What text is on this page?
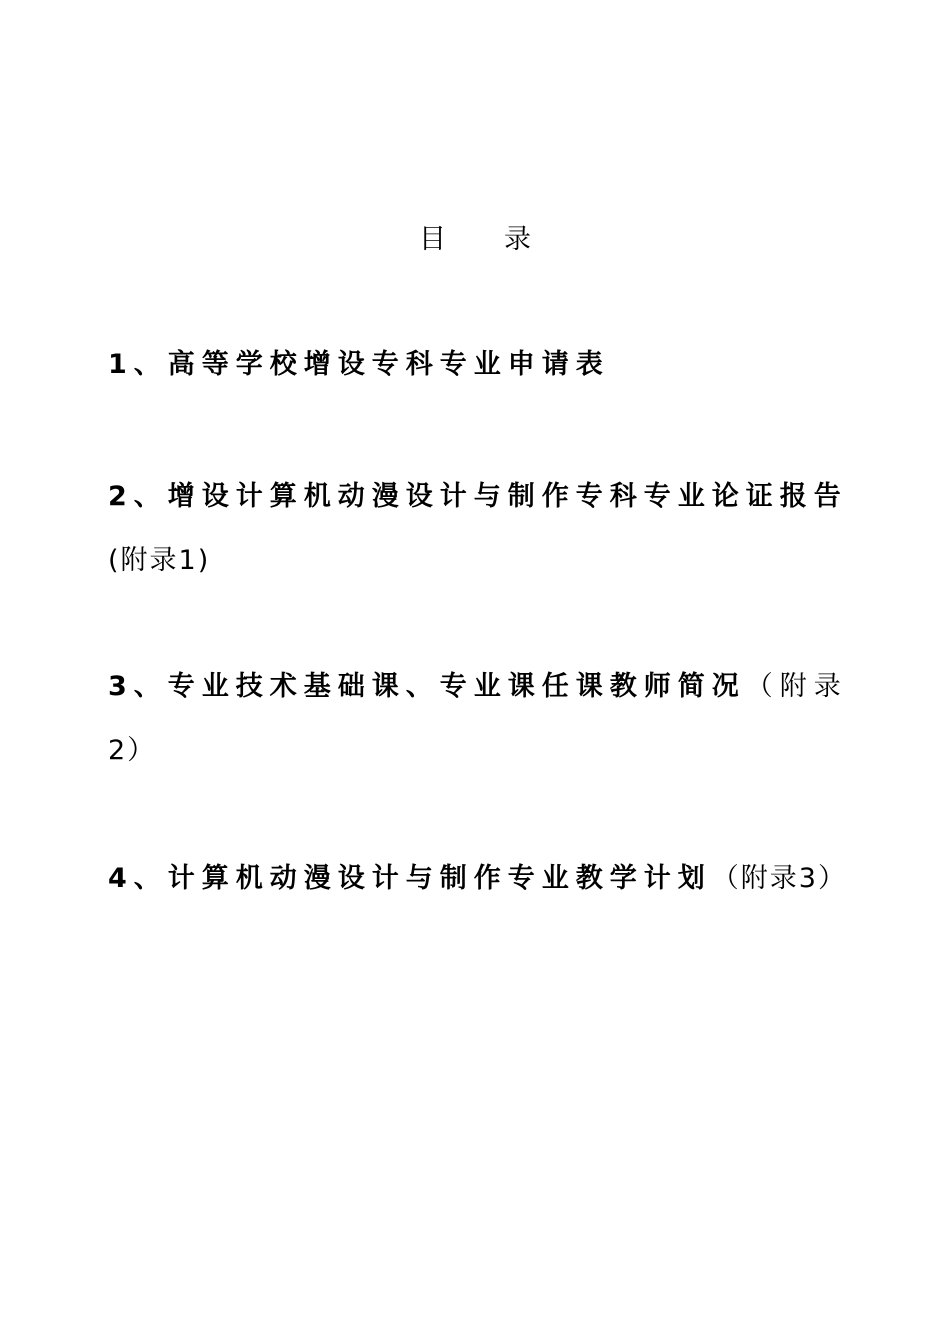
目 录
1、高等学校增设专科专业申请表
2、增设计算机动漫设计与制作专科专业论证报告
(附录1)
3、专业技术基础课、专业课任课教师简况（附录
2）
4、计算机动漫设计与制作专业教学计划（附录3）
